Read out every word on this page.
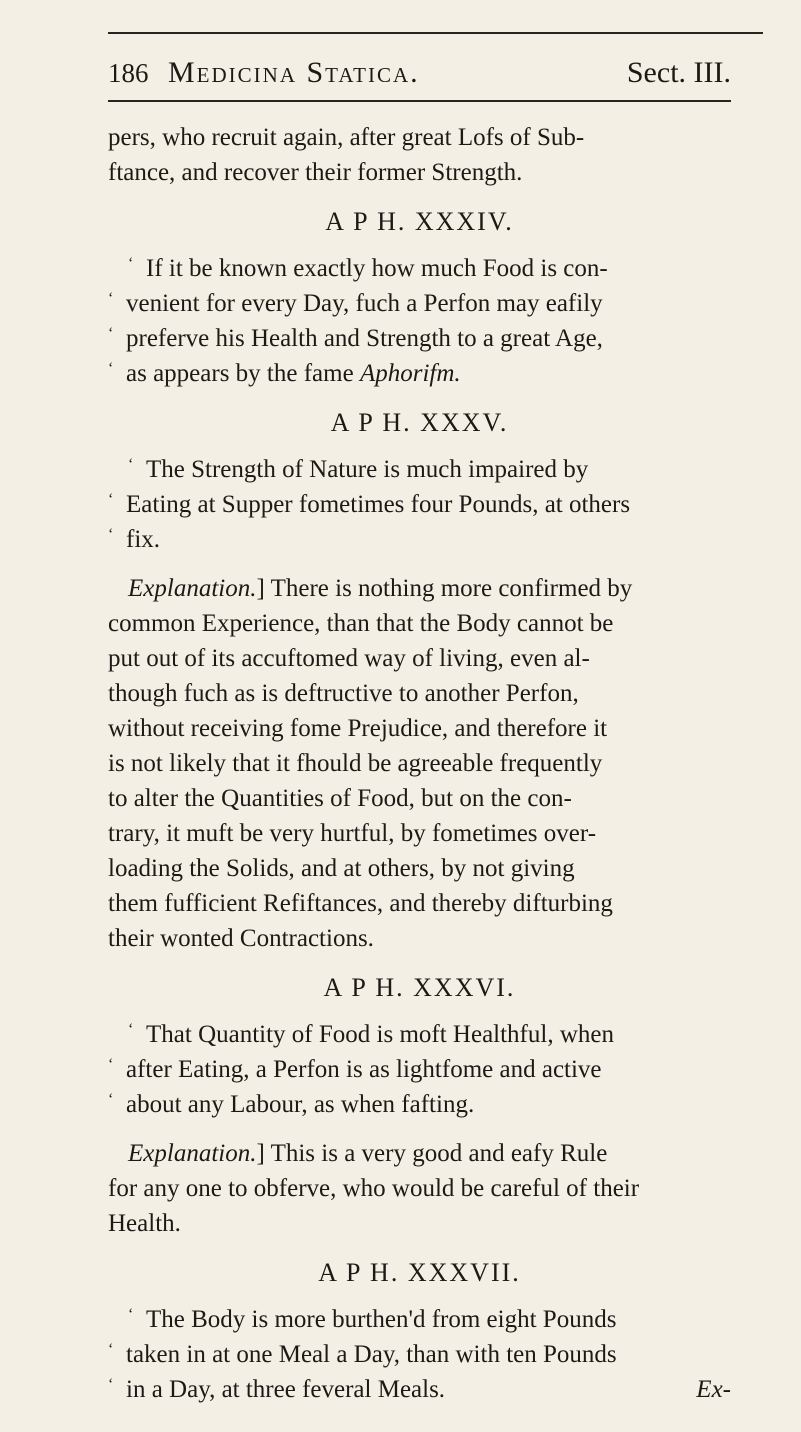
186 Medicina Statica.	Sect. III.

pers, who recruit again, after great Lofs of Sub-
ftance, and recover their former Strength.

A P H. XXXIV.

‘ If it be known exactly how much Food is con-
‘ venient for every Day, fuch a Perfon may eafily
‘ preferve his Health and Strength to a great Age,
‘ as appears by the fame Aphorifm.

A P H. XXXV.

‘ The Strength of Nature is much impaired by
‘ Eating at Supper fometimes four Pounds, at others
‘ fix.

Explanation.] There is nothing more confirmed by
common Experience, than that the Body cannot be
put out of its accuftomed way of living, even al-
though fuch as is deftructive to another Perfon,
without receiving fome Prejudice, and therefore it
is not likely that it fhould be agreeable frequently
to alter the Quantities of Food, but on the con-
trary, it muft be very hurtful, by fometimes over-
loading the Solids, and at others, by not giving
them fufficient Refiftances, and thereby difturbing
their wonted Contractions.

A P H. XXXVI.

‘ That Quantity of Food is moft Healthful, when
‘ after Eating, a Perfon is as lightfome and active
‘ about any Labour, as when fafting.

Explanation.] This is a very good and eafy Rule
for any one to obferve, who would be careful of their
Health.

A P H. XXXVII.

‘ The Body is more burthen'd from eight Pounds
‘ taken in at one Meal a Day, than with ten Pounds
‘ in a Day, at three feveral Meals.	Ex-
